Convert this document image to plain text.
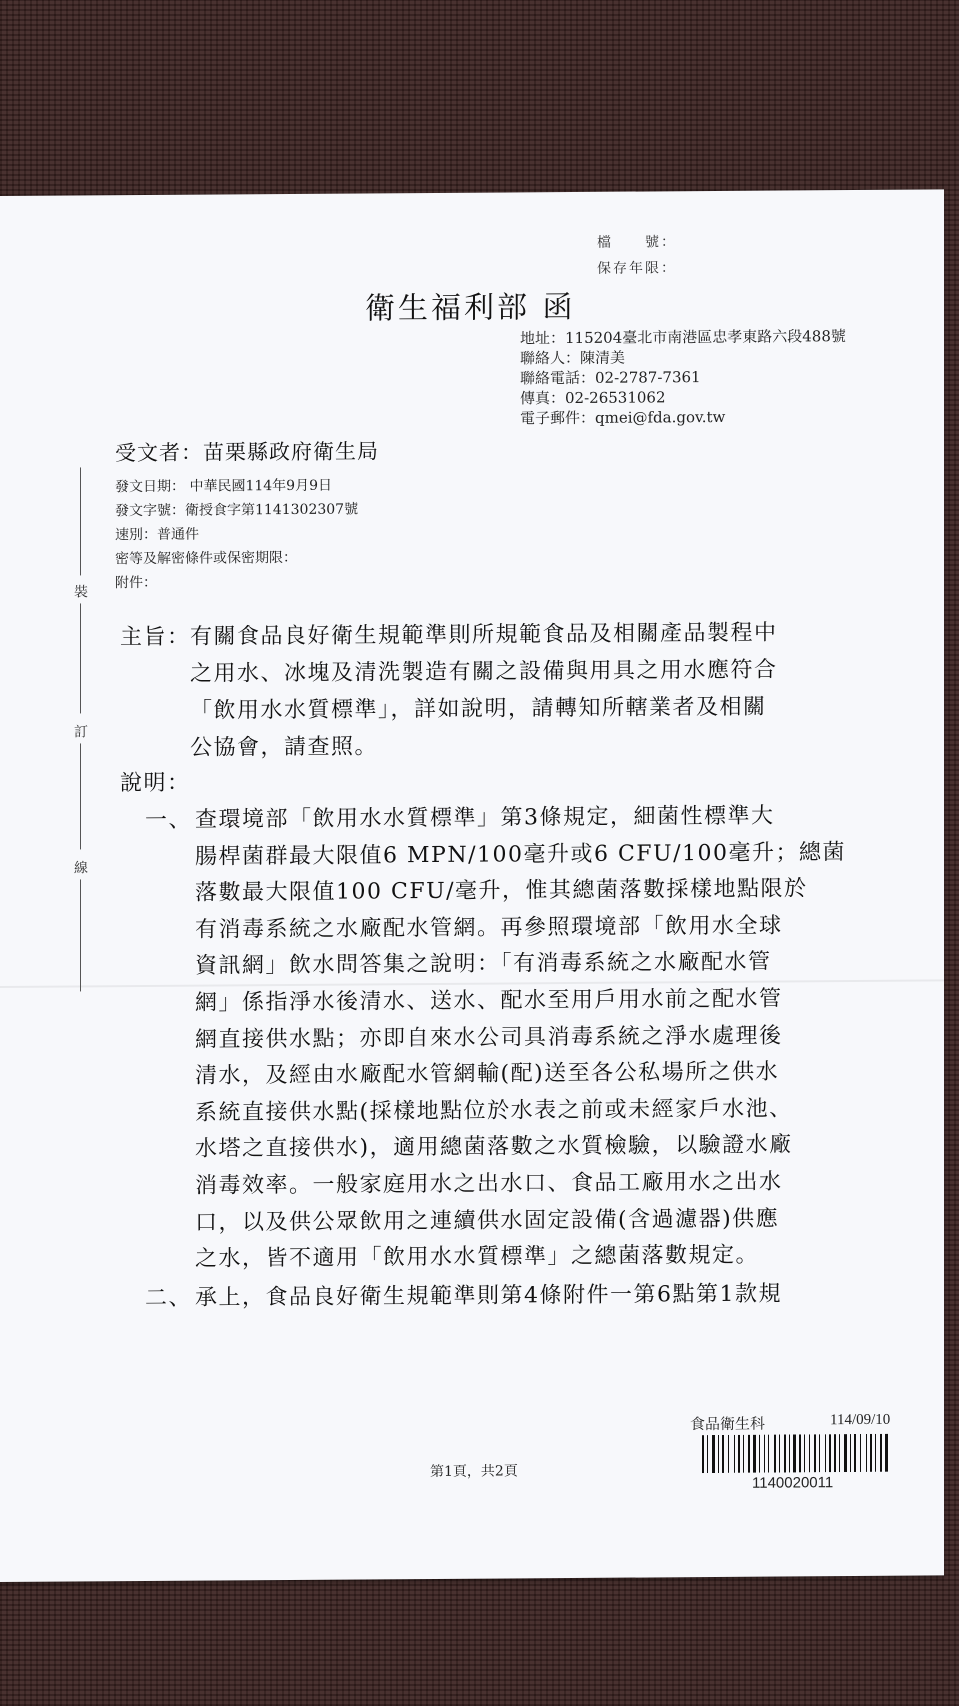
檔　　號：
保存年限：
衛生福利部 函
地址：115204臺北市南港區忠孝東路六段488號
聯絡人：陳清美
聯絡電話：02-2787-7361
傳真：02-26531062
電子郵件：qmei@fda.gov.tw
受文者：苗栗縣政府衛生局
發文日期： 中華民國114年9月9日
發文字號：衛授食字第1141302307號
速別：普通件
密等及解密條件或保密期限：
附件：
裝
訂
線
主旨： 有關食品良好衛生規範準則所規範食品及相關產品製程中
之用水、冰塊及清洗製造有關之設備與用具之用水應符合
「飲用水水質標準」，詳如說明，請轉知所轄業者及相關
公協會，請查照。
說明：
一、 查環境部「飲用水水質標準」第3條規定，細菌性標準大
腸桿菌群最大限值6 MPN/100毫升或6 CFU/100毫升；總菌
落數最大限值100 CFU/毫升，惟其總菌落數採樣地點限於
有消毒系統之水廠配水管網。再參照環境部「飲用水全球
資訊網」飲水問答集之說明：「有消毒系統之水廠配水管
網」係指淨水後清水、送水、配水至用戶用水前之配水管
網直接供水點；亦即自來水公司具消毒系統之淨水處理後
清水，及經由水廠配水管網輸(配)送至各公私場所之供水
系統直接供水點(採樣地點位於水表之前或未經家戶水池、
水塔之直接供水)，適用總菌落數之水質檢驗，以驗證水廠
消毒效率。一般家庭用水之出水口、食品工廠用水之出水
口，以及供公眾飲用之連續供水固定設備(含過濾器)供應
之水，皆不適用「飲用水水質標準」之總菌落數規定。
二、 承上，食品良好衛生規範準則第4條附件一第6點第1款規
食品衛生科	114/09/10
1140020011
第1頁，共2頁
